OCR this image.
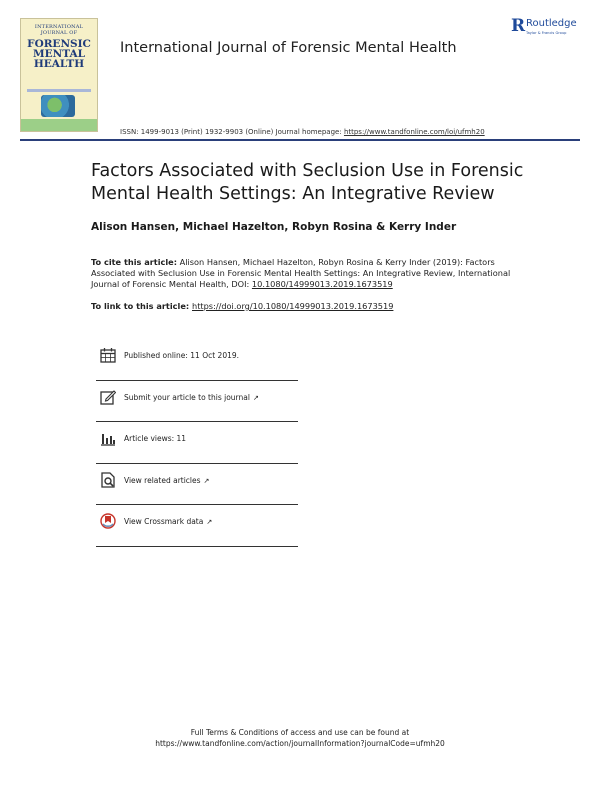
INTERNATIONAL JOURNAL OF
FORENSIC
MENTAL
HEALTH
International Journal of Forensic Mental Health
R Routledge
Taylor & Francis Group
ISSN: 1499-9013 (Print) 1932-9903 (Online) Journal homepage: https://www.tandfonline.com/loi/ufmh20
Factors Associated with Seclusion Use in Forensic Mental Health Settings: An Integrative Review
Alison Hansen, Michael Hazelton, Robyn Rosina & Kerry Inder
To cite this article: Alison Hansen, Michael Hazelton, Robyn Rosina & Kerry Inder (2019): Factors Associated with Seclusion Use in Forensic Mental Health Settings: An Integrative Review, International Journal of Forensic Mental Health, DOI: 10.1080/14999013.2019.1673519
To link to this article: https://doi.org/10.1080/14999013.2019.1673519
Published online: 11 Oct 2019.
Submit your article to this journal ↗
Article views: 11
View related articles ↗
View Crossmark data ↗
Full Terms & Conditions of access and use can be found at
https://www.tandfonline.com/action/journalInformation?journalCode=ufmh20
